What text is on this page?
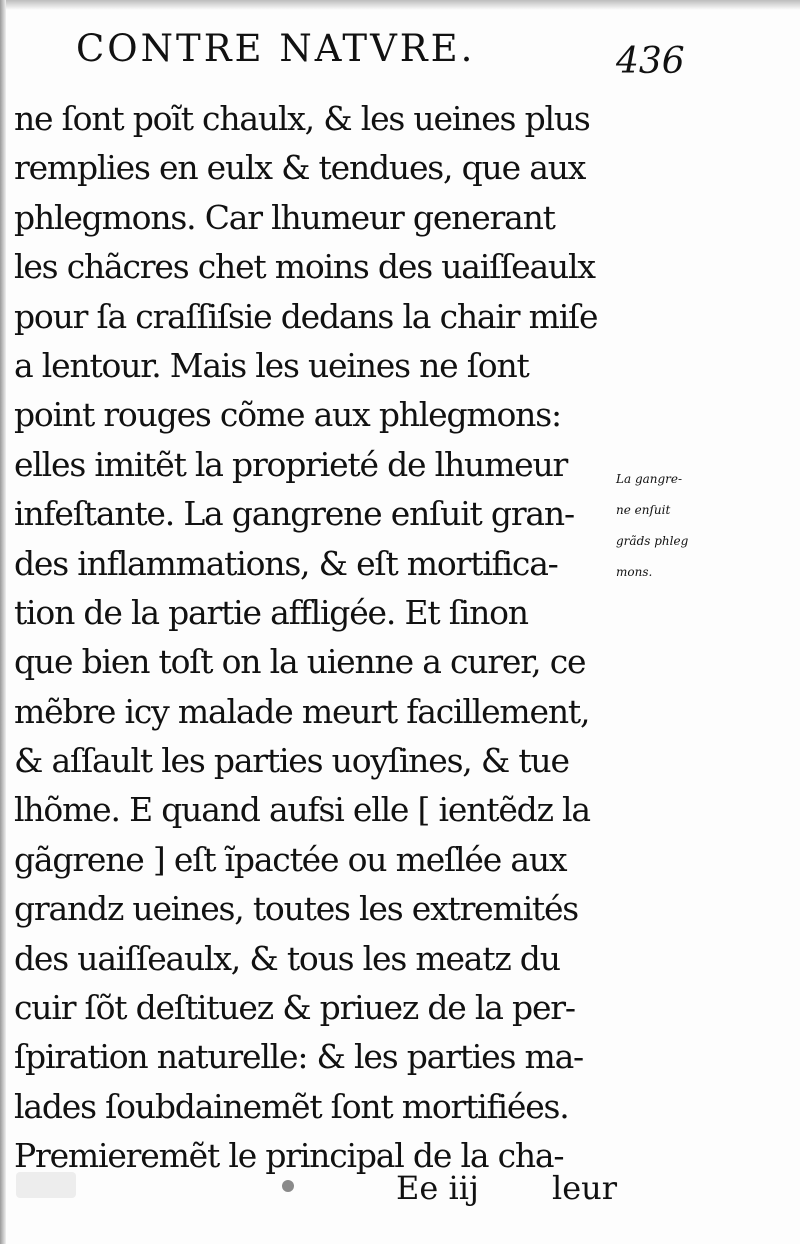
CONTRE NATVRE.	436
ne ſont poĩt chaulx, & les ueines plus
remplies en eulx & tendues, que aux
phlegmons. Car lhumeur generant
les chãcres chet moins des uaiſſeaulx
pour ſa craſſiſsie dedans la chair miſe
a lentour. Mais les ueines ne ſont
point rouges cõme aux phlegmons:
elles imitẽt la proprieté de lhumeur
infeſtante. La gangrene enſuit gran-
des inflammations, & eſt mortifica-
tion de la partie affligée. Et ſinon
que bien toſt on la uienne a curer, ce
mẽbre icy malade meurt facillement,
& aſſault les parties uoyſines, & tue
lhõme. E quand aufsi elle [ ientẽdz la
gãgrene ] eſt ĩpactée ou meſlée aux
grandz ueines, toutes les extremités
des uaiſſeaulx, & tous les meatz du
cuir ſõt deſtituez & priuez de la per-
ſpiration naturelle: & les parties ma-
lades ſoubdainemẽt ſont mortifiées.
Premieremẽt le principal de la cha-
La gangre-
ne enſuit
grãds phleg
mons.
Ee iij leur
